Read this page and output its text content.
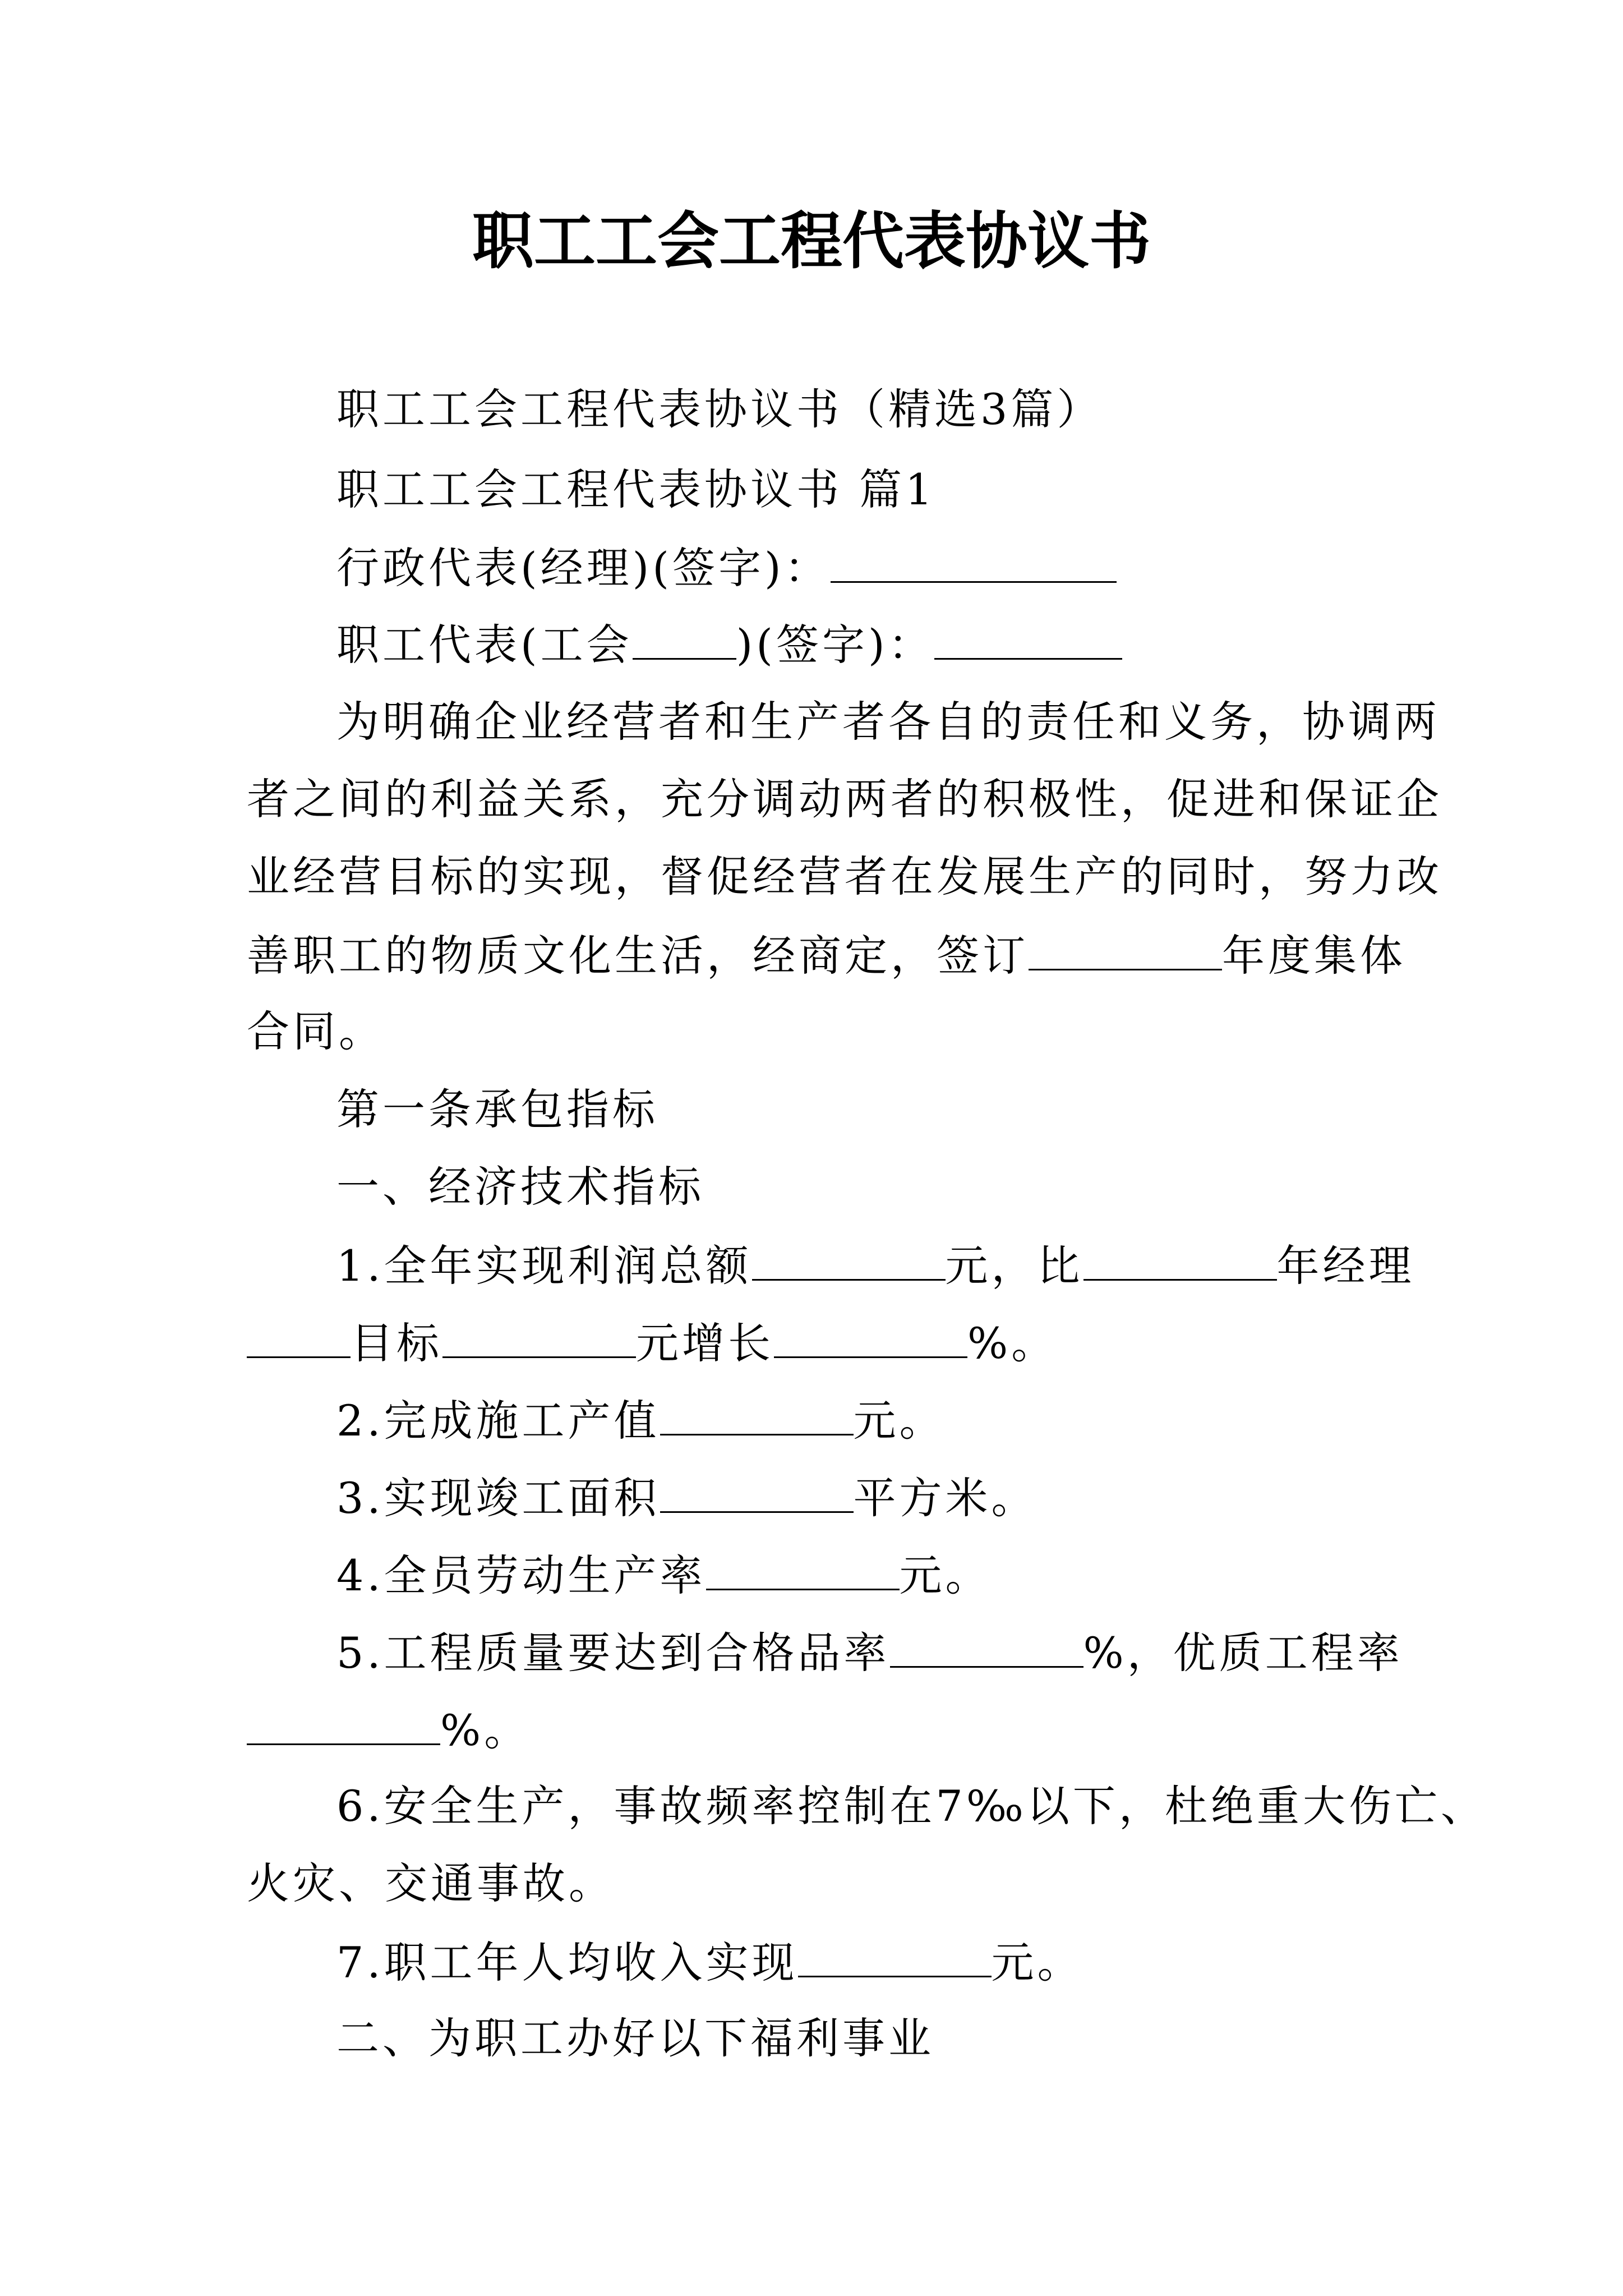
职工工会工程代表协议书
职工工会工程代表协议书（精选3篇）
职工工会工程代表协议书 篇1
行政代表(经理)(签字)：
职工代表(工会 )(签字)：
为明确企业经营者和生产者各自的责任和义务，协调两
者之间的利益关系，充分调动两者的积极性，促进和保证企
业经营目标的实现，督促经营者在发展生产的同时，努力改
善职工的物质文化生活，经商定，签订	年度集体
合同。
第一条承包指标
一、经济技术指标
1.全年实现利润总额	元，比	年经理
目标	元增长	%。
2.完成施工产值	元。
3.实现竣工面积	平方米。
4.全员劳动生产率	元。
5.工程质量要达到合格品率	%，优质工程率
%。
6.安全生产，事故频率控制在7‰以下，杜绝重大伤亡、
火灾、交通事故。
7.职工年人均收入实现	元。
二、为职工办好以下福利事业
